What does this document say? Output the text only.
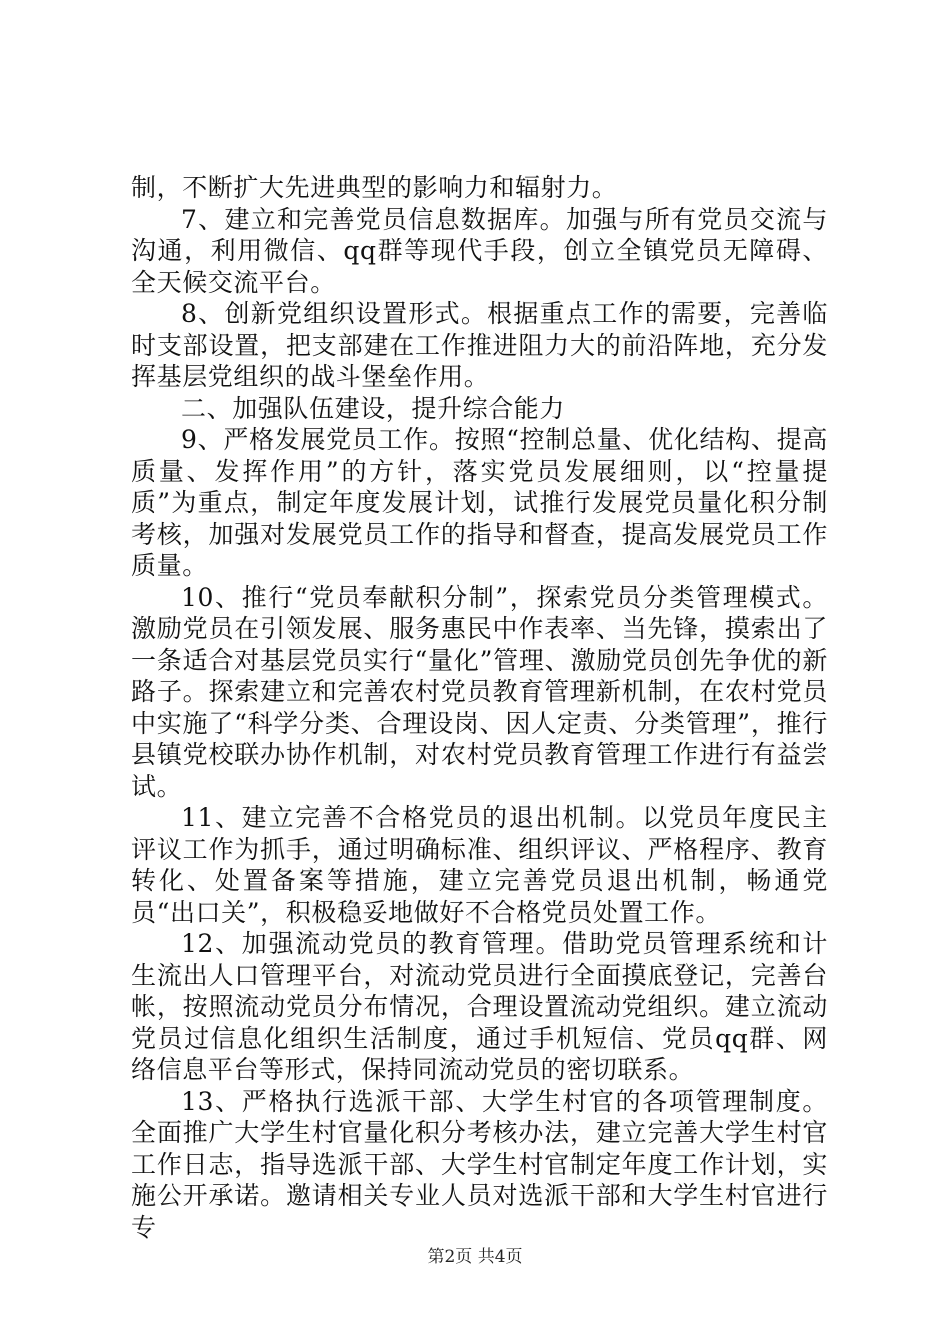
制，不断扩大先进典型的影响力和辐射力。

7、建立和完善党员信息数据库。加强与所有党员交流与沟通，利用微信、qq群等现代手段，创立全镇党员无障碍、全天候交流平台。

8、创新党组织设置形式。根据重点工作的需要，完善临时支部设置，把支部建在工作推进阻力大的前沿阵地，充分发挥基层党组织的战斗堡垒作用。

二、加强队伍建设，提升综合能力

9、严格发展党员工作。按照“控制总量、优化结构、提高质量、发挥作用”的方针，落实党员发展细则，以“控量提质”为重点，制定年度发展计划，试推行发展党员量化积分制考核，加强对发展党员工作的指导和督查，提高发展党员工作质量。

10、推行“党员奉献积分制”，探索党员分类管理模式。激励党员在引领发展、服务惠民中作表率、当先锋，摸索出了一条适合对基层党员实行“量化”管理、激励党员创先争优的新路子。探索建立和完善农村党员教育管理新机制，在农村党员中实施了“科学分类、合理设岗、因人定责、分类管理”，推行县镇党校联办协作机制，对农村党员教育管理工作进行有益尝试。

11、建立完善不合格党员的退出机制。以党员年度民主评议工作为抓手，通过明确标准、组织评议、严格程序、教育转化、处置备案等措施，建立完善党员退出机制，畅通党员“出口关”，积极稳妥地做好不合格党员处置工作。

12、加强流动党员的教育管理。借助党员管理系统和计生流出人口管理平台，对流动党员进行全面摸底登记，完善台帐，按照流动党员分布情况，合理设置流动党组织。建立流动党员过信息化组织生活制度，通过手机短信、党员qq群、网络信息平台等形式，保持同流动党员的密切联系。

13、严格执行选派干部、大学生村官的各项管理制度。全面推广大学生村官量化积分考核办法，建立完善大学生村官工作日志，指导选派干部、大学生村官制定年度工作计划，实施公开承诺。邀请相关专业人员对选派干部和大学生村官进行专

第2页 共4页
